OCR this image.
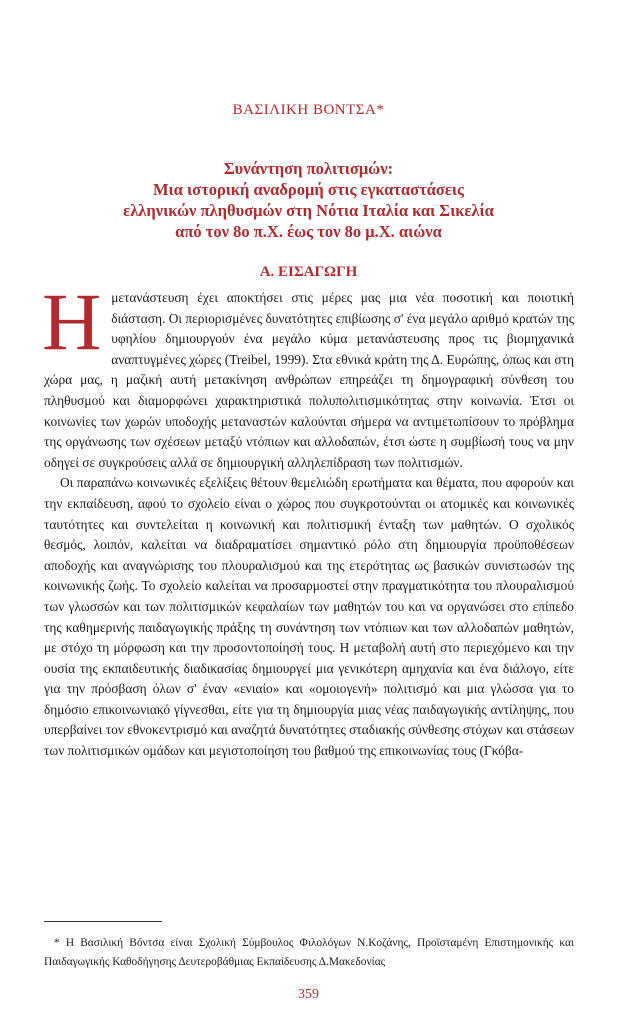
ΒΑΣΙΛΙΚΗ ΒΟΝΤΣΑ*
Συνάντηση πολιτισμών:
Μια ιστορική αναδρομή στις εγκαταστάσεις
ελληνικών πληθυσμών στη Νότια Ιταλία και Σικελία
από τον 8ο π.Χ. έως τον 8ο μ.Χ. αιώνα
Α. ΕΙΣΑΓΩΓΗ

Ημετανάστευση έχει αποκτήσει στις μέρες μας μια νέα ποσοτική και ποιοτική διάσταση. Οι περιορισμένες δυνατότητες επιβίωσης σ' ένα μεγάλο αριθμό κρατών της υφηλίου δημιουργούν ένα μεγάλο κύμα μετανάστευσης προς τις βιομηχανικά αναπτυγμένες χώρες (Treibel, 1999). Στα εθνικά κράτη της Δ. Ευρώπης, όπως και στη χώρα μας, η μαζική αυτή μετακίνηση ανθρώπων επηρεάζει τη δημογραφική σύνθεση του πληθυσμού και διαμορφώνει χαρακτηριστικά πολυπολιτισμικότητας στην κοινωνία. Έτσι οι κοινωνίες των χωρών υποδοχής μεταναστών καλούνται σήμερα να αντιμετωπίσουν το πρόβλημα της οργάνωσης των σχέσεων μεταξύ ντόπιων και αλλοδαπών, έτσι ώστε η συμβίωσή τους να μην οδηγεί σε συγκρούσεις αλλά σε δημιουργική αλληλεπίδραση των πολιτισμών.

Οι παραπάνω κοινωνικές εξελίξεις θέτουν θεμελιώδη ερωτήματα και θέματα, που αφορούν και την εκπαίδευση, αφού το σχολείο είναι ο χώρος που συγκροτούνται οι ατομικές και κοινωνικές ταυτότητες και συντελείται η κοινωνική και πολιτισμική ένταξη των μαθητών. Ο σχολικός θεσμός, λοιπόν, καλείται να διαδραματίσει σημαντικό ρόλο στη δημιουργία προϋποθέσεων αποδοχής και αναγνώρισης του πλουραλισμού και της ετερότητας ως βασικών συνιστωσών της κοινωνικής ζωής. Το σχολείο καλείται να προσαρμοστεί στην πραγματικότητα του πλουραλισμού των γλωσσών και των πολιτισμικών κεφαλαίων των μαθητών του και να οργανώσει στο επίπεδο της καθημερινής παιδαγωγικής πράξης τη συνάντηση των ντόπιων και των αλλοδαπών μαθητών, με στόχο τη μόρφωση και την προσοντοποίησή τους. Η μεταβολή αυτή στο περιεχόμενο και την ουσία της εκπαιδευτικής διαδικασίας δημιουργεί μια γενικότερη αμηχανία και ένα διάλογο, είτε για την πρόσβαση όλων σ' έναν «ενιαίο» και «ομοιογενή» πολιτισμό και μια γλώσσα για το δημόσιο επικοινωνιακό γίγνεσθαι, είτε για τη δημιουργία μιας νέας παιδαγωγικής αντίληψης, που υπερβαίνει τον εθνοκεντρισμό και αναζητά δυνατότητες σταδιακής σύνθεσης στόχων και στάσεων των πολιτισμικών ομάδων και μεγιστοποίηση του βαθμού της επικοινωνίας τους (Γκόβα-

* Η Βασιλική Βόντσα είναι Σχολική Σύμβουλος Φιλολόγων Ν.Κοζάνης, Προϊσταμένη Επιστημονικής και Παιδαγωγικής Καθοδήγησης Δευτεροβάθμιας Εκπαίδευσης Δ.Μακεδονίας
359
